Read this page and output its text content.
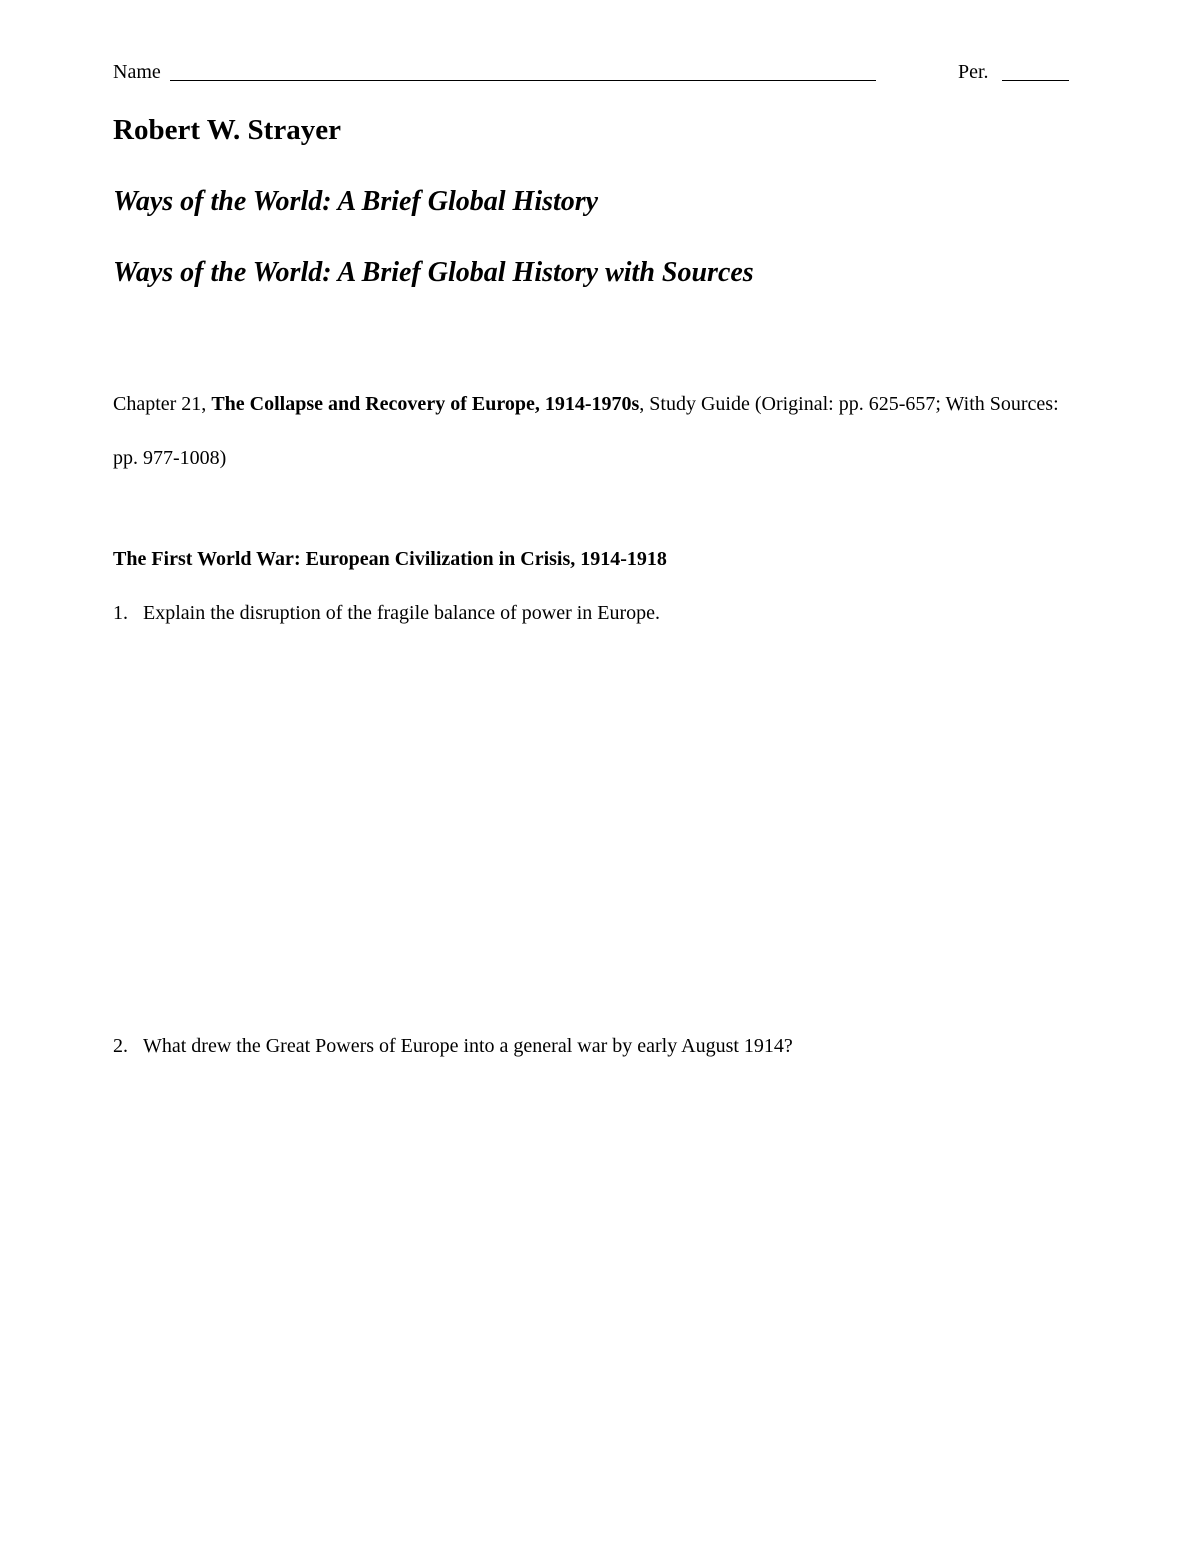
Name	Per.
Robert W. Strayer
Ways of the World: A Brief Global History
Ways of the World: A Brief Global History with Sources

Chapter 21, The Collapse and Recovery of Europe, 1914-1970s, Study Guide (Original: pp. 625-657; With Sources: pp. 977-1008)

The First World War: European Civilization in Crisis, 1914-1918

1. Explain the disruption of the fragile balance of power in Europe.

2. What drew the Great Powers of Europe into a general war by early August 1914?
